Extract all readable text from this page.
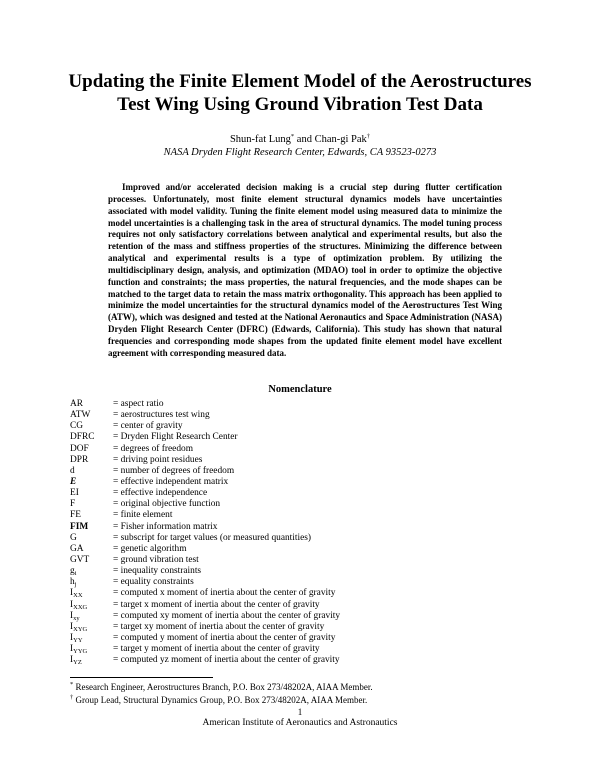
Updating the Finite Element Model of the Aerostructures
Test Wing Using Ground Vibration Test Data
Shun-fat Lung* and Chan-gi Pak†
NASA Dryden Flight Research Center, Edwards, CA 93523-0273

Improved and/or accelerated decision making is a crucial step during flutter certification processes. Unfortunately, most finite element structural dynamics models have uncertainties associated with model validity. Tuning the finite element model using measured data to minimize the model uncertainties is a challenging task in the area of structural dynamics. The model tuning process requires not only satisfactory correlations between analytical and experimental results, but also the retention of the mass and stiffness properties of the structures. Minimizing the difference between analytical and experimental results is a type of optimization problem. By utilizing the multidisciplinary design, analysis, and optimization (MDAO) tool in order to optimize the objective function and constraints; the mass properties, the natural frequencies, and the mode shapes can be matched to the target data to retain the mass matrix orthogonality. This approach has been applied to minimize the model uncertainties for the structural dynamics model of the Aerostructures Test Wing (ATW), which was designed and tested at the National Aeronautics and Space Administration (NASA) Dryden Flight Research Center (DFRC) (Edwards, California). This study has shown that natural frequencies and corresponding mode shapes from the updated finite element model have excellent agreement with corresponding measured data.

Nomenclature
AR	= aspect ratio
ATW = aerostructures test wing
CG	= center of gravity
DFRC = Dryden Flight Research Center
DOF	= degrees of freedom
DPR	= driving point residues
d	= number of degrees of freedom
E	= effective independent matrix
EI	= effective independence
F	= original objective function
FE	= finite element
FIM	= Fisher information matrix
G	= subscript for target values (or measured quantities)
GA	= genetic algorithm
GVT	= ground vibration test
$g_i$	= inequality constraints
$h_j$	= equality constraints
$I_{XX}$	= computed x moment of inertia about the center of gravity
$I_{XXG}$	= target x moment of inertia about the center of gravity
$I_{xy}$	= computed xy moment of inertia about the center of gravity
$I_{XYG}$	= target xy moment of inertia about the center of gravity
$I_{YY}$	= computed y moment of inertia about the center of gravity
$I_{YYG}$	= target y moment of inertia about the center of gravity
$I_{YZ}$	= computed yz moment of inertia about the center of gravity
* Research Engineer, Aerostructures Branch, P.O. Box 273/48202A, AIAA Member.
† Group Lead, Structural Dynamics Group, P.O. Box 273/48202A, AIAA Member.
1
American Institute of Aeronautics and Astronautics
